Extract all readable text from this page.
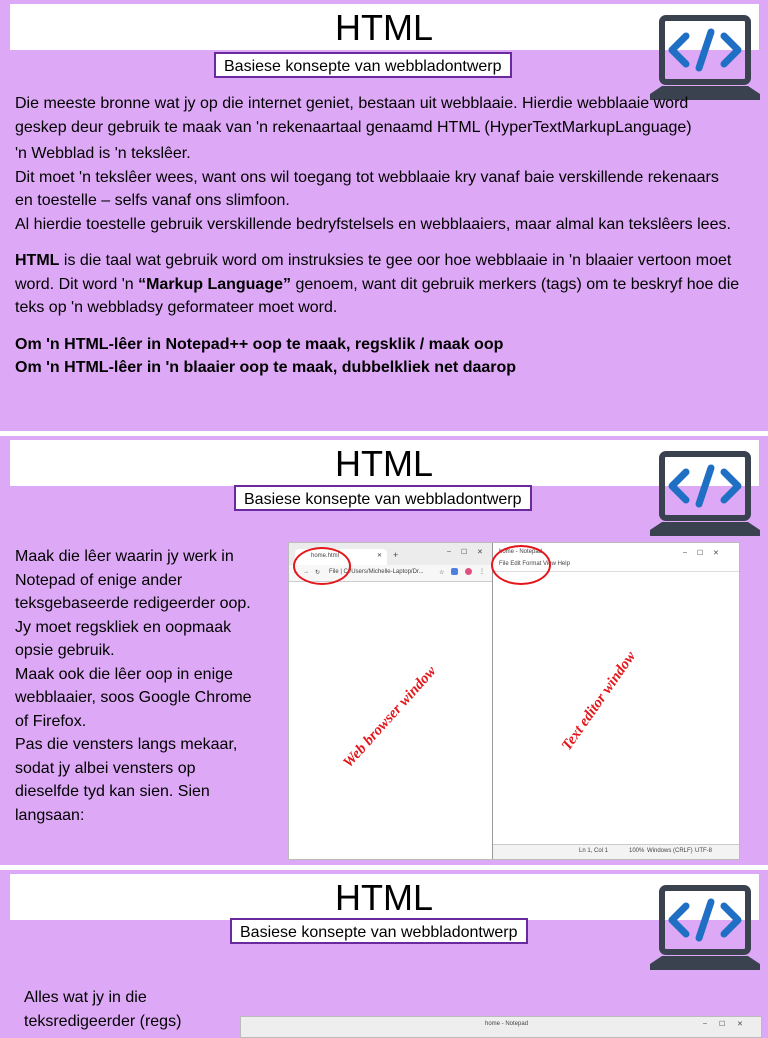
HTML
Basiese konsepte van webbladontwerp

Die meeste bronne wat jy op die internet geniet, bestaan uit webblaaie. Hierdie webblaaie word geskep deur gebruik te maak van 'n rekenaartaal genaamd HTML (HyperTextMarkupLanguage)

'n Webblad is 'n tekslêer.

Dit moet 'n tekslêer wees, want ons wil toegang tot webblaaie kry vanaf baie verskillende rekenaars en toestelle – selfs vanaf ons slimfoon.

Al hierdie toestelle gebruik verskillende bedryfstelsels en webblaaiers, maar almal kan tekslêers lees.

HTML is die taal wat gebruik word om instruksies te gee oor hoe webblaaie in 'n blaaier vertoon moet word. Dit word 'n “Markup Language” genoem, want dit gebruik merkers (tags) om te beskryf hoe die teks op 'n webbladsy geformateer moet word.

Om 'n HTML-lêer in Notepad++ oop te maak, regsklik / maak oop

Om 'n HTML-lêer in 'n blaaier oop te maak, dubbelkliek net daarop

HTML
Basiese konsepte van webbladontwerp

Maak die lêer waarin jy werk in Notepad of enige ander teksgebaseerde redigeerder oop.

Jy moet regskliek en oopmaak opsie gebruik.

Maak ook die lêer oop in enige webblaaier, soos Google Chrome of Firefox.

Pas die vensters langs mekaar, sodat jy albei vensters op dieselfde tyd kan sien. Sien langsaan:

home.html	✕ +	– ☐ ✕
← → ↻ File | C:/Users/Michelle-Laptop/Dr...	☆	⋮
Web browser window
home - Notepad
File Edit Format View Help
– ☐ ✕
Text editor window
Ln 1, Col 1	100% Windows (CRLF) UTF-8
HTML
Basiese konsepte van webbladontwerp
Alles wat jy in die teksredigeerder (regs)	home - Notepad	– ☐ ✕
